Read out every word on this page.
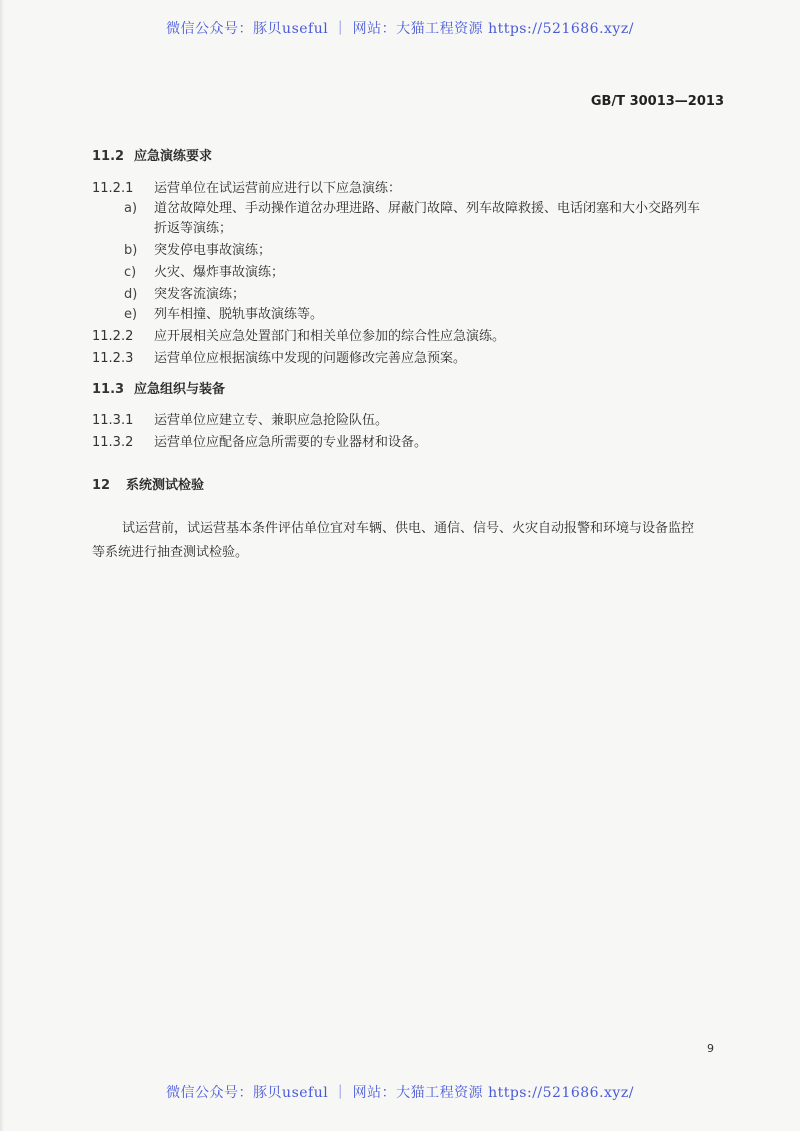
微信公众号：豚贝useful ｜ 网站：大猫工程资源 https://521686.xyz/
GB/T 30013—2013
11.2 应急演练要求
11.2.1 运营单位在试运营前应进行以下应急演练：
a) 道岔故障处理、手动操作道岔办理进路、屏蔽门故障、列车故障救援、电话闭塞和大小交路列车
折返等演练；
b) 突发停电事故演练；
c) 火灾、爆炸事故演练；
d) 突发客流演练；
e) 列车相撞、脱轨事故演练等。
11.2.2 应开展相关应急处置部门和相关单位参加的综合性应急演练。
11.2.3 运营单位应根据演练中发现的问题修改完善应急预案。
11.3 应急组织与装备
11.3.1 运营单位应建立专、兼职应急抢险队伍。
11.3.2 运营单位应配备应急所需要的专业器材和设备。
12 系统测试检验
试运营前，试运营基本条件评估单位宜对车辆、供电、通信、信号、火灾自动报警和环境与设备监控
等系统进行抽查测试检验。
9
微信公众号：豚贝useful ｜ 网站：大猫工程资源 https://521686.xyz/
